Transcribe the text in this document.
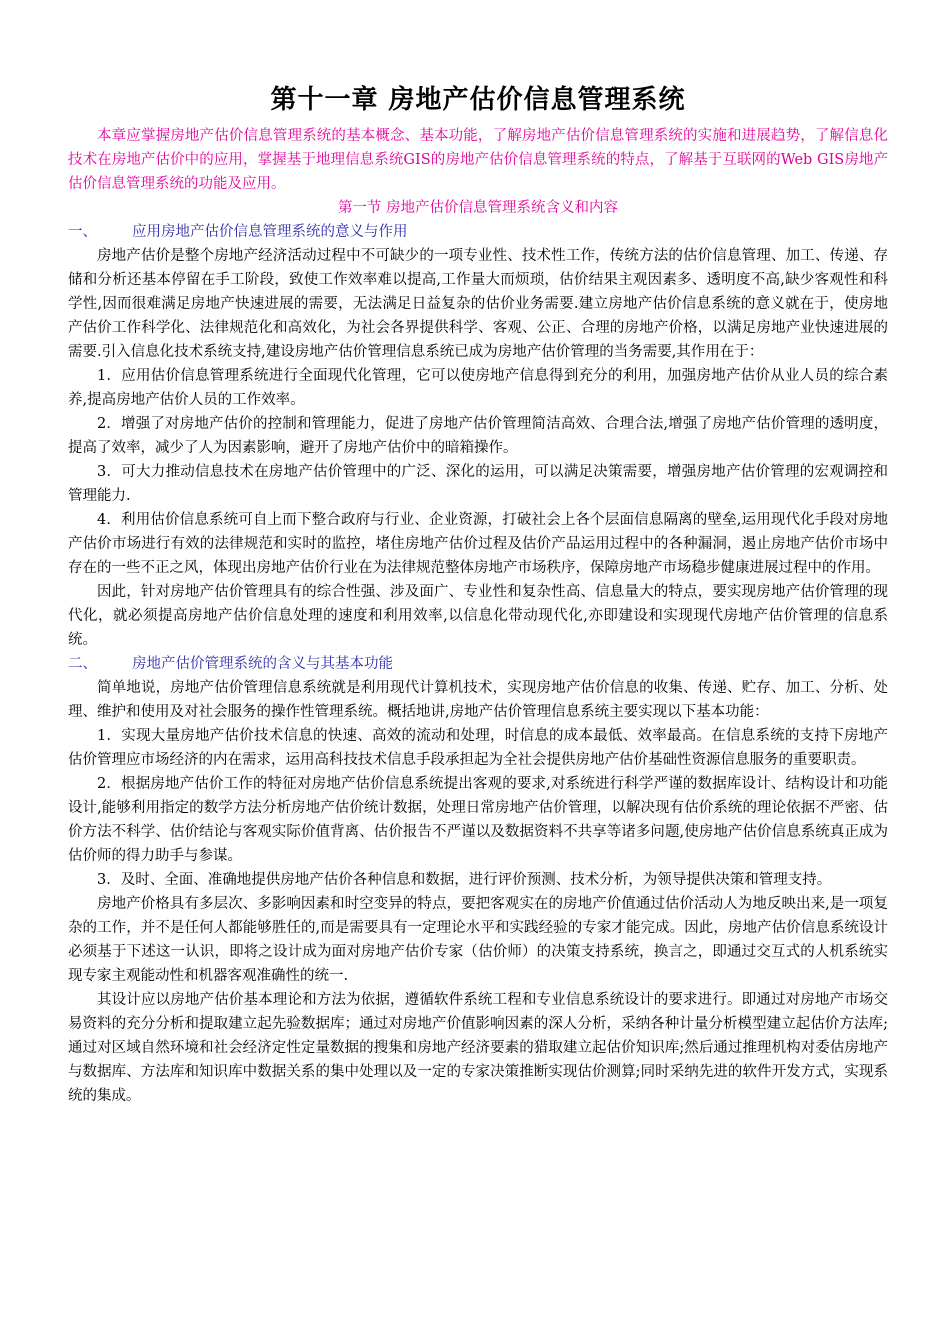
第十一章 房地产估价信息管理系统

本章应掌握房地产估价信息管理系统的基本概念、基本功能，了解房地产估价信息管理系统的实施和进展趋势，了解信息化技术在房地产估价中的应用，掌握基于地理信息系统GIS的房地产估价信息管理系统的特点，了解基于互联网的Web GIS房地产估价信息管理系统的功能及应用。

第一节 房地产估价信息管理系统含义和内容

一、	应用房地产估价信息管理系统的意义与作用

房地产估价是整个房地产经济活动过程中不可缺少的一项专业性、技术性工作，传统方法的估价信息管理、加工、传递、存储和分析还基本停留在手工阶段，致使工作效率难以提高,工作量大而烦琐，估价结果主观因素多、透明度不高,缺少客观性和科学性,因而很难满足房地产快速进展的需要，无法满足日益复杂的估价业务需要.建立房地产估价信息系统的意义就在于，使房地产估价工作科学化、法律规范化和高效化，为社会各界提供科学、客观、公正、合理的房地产价格，以满足房地产业快速进展的需要.引入信息化技术系统支持,建设房地产估价管理信息系统已成为房地产估价管理的当务需要,其作用在于：

1．应用估价信息管理系统进行全面现代化管理，它可以使房地产信息得到充分的利用，加强房地产估价从业人员的综合素养,提高房地产估价人员的工作效率。

2．增强了对房地产估价的控制和管理能力，促进了房地产估价管理简洁高效、合理合法,增强了房地产估价管理的透明度，提高了效率，减少了人为因素影响，避开了房地产估价中的暗箱操作。

3．可大力推动信息技术在房地产估价管理中的广泛、深化的运用，可以满足决策需要，增强房地产估价管理的宏观调控和管理能力.

4．利用估价信息系统可自上而下整合政府与行业、企业资源，打破社会上各个层面信息隔离的壁垒,运用现代化手段对房地产估价市场进行有效的法律规范和实时的监控，堵住房地产估价过程及估价产品运用过程中的各种漏洞，遏止房地产估价市场中存在的一些不正之风，体现出房地产估价行业在为法律规范整体房地产市场秩序，保障房地产市场稳步健康进展过程中的作用。

因此，针对房地产估价管理具有的综合性强、涉及面广、专业性和复杂性高、信息量大的特点，要实现房地产估价管理的现代化，就必须提高房地产估价信息处理的速度和利用效率,以信息化带动现代化,亦即建设和实现现代房地产估价管理的信息系统。

二、	房地产估价管理系统的含义与其基本功能

简单地说，房地产估价管理信息系统就是利用现代计算机技术，实现房地产估价信息的收集、传递、贮存、加工、分析、处理、维护和使用及对社会服务的操作性管理系统。概括地讲,房地产估价管理信息系统主要实现以下基本功能：

1．实现大量房地产估价技术信息的快速、高效的流动和处理，时信息的成本最低、效率最高。在信息系统的支持下房地产估价管理应市场经济的内在需求，运用高科技技术信息手段承担起为全社会提供房地产估价基础性资源信息服务的重要职责。

2．根据房地产估价工作的特征对房地产估价信息系统提出客观的要求,对系统进行科学严谨的数据库设计、结构设计和功能设计,能够利用指定的数学方法分析房地产估价统计数据，处理日常房地产估价管理，以解决现有估价系统的理论依据不严密、估价方法不科学、估价结论与客观实际价值背离、估价报告不严谨以及数据资料不共享等诸多问题,使房地产估价信息系统真正成为估价师的得力助手与参谋。

3．及时、全面、准确地提供房地产估价各种信息和数据，进行评价预测、技术分析，为领导提供决策和管理支持。

房地产价格具有多层次、多影响因素和时空变异的特点，要把客观实在的房地产价值通过估价活动人为地反映出来,是一项复杂的工作，并不是任何人都能够胜任的,而是需要具有一定理论水平和实践经验的专家才能完成。因此，房地产估价信息系统设计必须基于下述这一认识，即将之设计成为面对房地产估价专家（估价师）的决策支持系统，换言之，即通过交互式的人机系统实现专家主观能动性和机器客观准确性的统一.

其设计应以房地产估价基本理论和方法为依据，遵循软件系统工程和专业信息系统设计的要求进行。即通过对房地产市场交易资料的充分分析和提取建立起先验数据库；通过对房地产价值影响因素的深人分析，采纳各种计量分析模型建立起估价方法库;通过对区域自然环境和社会经济定性定量数据的搜集和房地产经济要素的猎取建立起估价知识库;然后通过推理机构对委估房地产与数据库、方法库和知识库中数据关系的集中处理以及一定的专家决策推断实现估价测算;同时采纳先进的软件开发方式，实现系统的集成。
